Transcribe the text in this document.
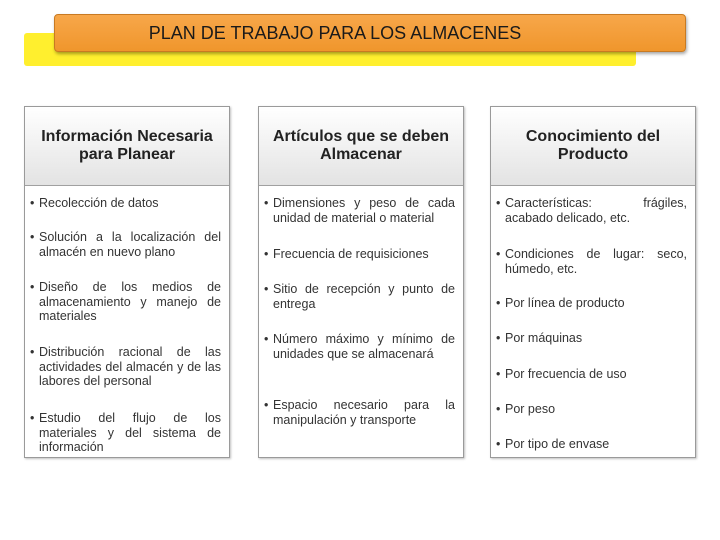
PLAN DE TRABAJO PARA LOS ALMACENES
Información Necesaria para Planear
• Recolección de datos
• Solución a la localización del almacén en nuevo plano
• Diseño de los medios de almacenamiento y manejo de materiales
• Distribución racional de las actividades del almacén y de las labores del personal
• Estudio del flujo de los materiales y del sistema de información
Artículos que se deben Almacenar
• Dimensiones y peso de cada unidad de material o material
• Frecuencia de requisiciones
• Sitio de recepción y punto de entrega
• Número máximo y mínimo de unidades que se almacenará
• Espacio necesario para la manipulación y transporte
Conocimiento del Producto
• Características: frágiles, acabado delicado, etc.
• Condiciones de lugar: seco, húmedo, etc.
• Por línea de producto
• Por máquinas
• Por frecuencia de uso
• Por peso
• Por tipo de envase
